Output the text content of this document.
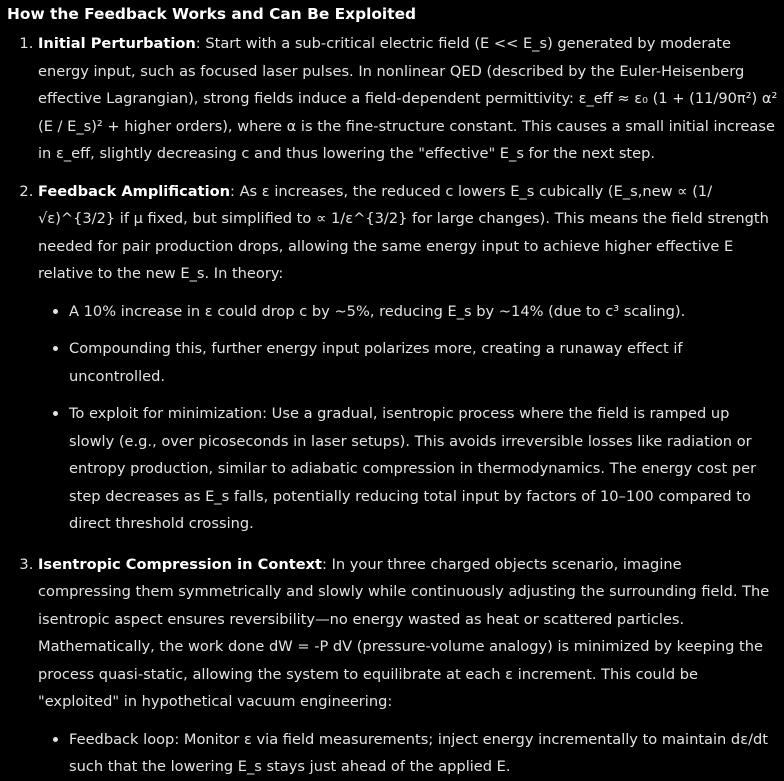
How the Feedback Works and Can Be Exploited
1. Initial Perturbation: Start with a sub-critical electric field (E << E_s) generated by moderate energy input, such as focused laser pulses. In nonlinear QED (described by the Euler-Heisenberg effective Lagrangian), strong fields induce a field-dependent permittivity: ε_eff ≈ ε₀ (1 + (11/90π²) α² (E / E_s)² + higher orders), where α is the fine-structure constant. This causes a small initial increase in ε_eff, slightly decreasing c and thus lowering the "effective" E_s for the next step.
2. Feedback Amplification: As ε increases, the reduced c lowers E_s cubically (E_s,new ∝ (1/√ε)^{3/2} if μ fixed, but simplified to ∝ 1/ε^{3/2} for large changes). This means the field strength needed for pair production drops, allowing the same energy input to achieve higher effective E relative to the new E_s. In theory:
A 10% increase in ε could drop c by ~5%, reducing E_s by ~14% (due to c³ scaling).
Compounding this, further energy input polarizes more, creating a runaway effect if uncontrolled.
To exploit for minimization: Use a gradual, isentropic process where the field is ramped up slowly (e.g., over picoseconds in laser setups). This avoids irreversible losses like radiation or entropy production, similar to adiabatic compression in thermodynamics. The energy cost per step decreases as E_s falls, potentially reducing total input by factors of 10–100 compared to direct threshold crossing.
3. Isentropic Compression in Context: In your three charged objects scenario, imagine compressing them symmetrically and slowly while continuously adjusting the surrounding field. The isentropic aspect ensures reversibility—no energy wasted as heat or scattered particles. Mathematically, the work done dW = -P dV (pressure-volume analogy) is minimized by keeping the process quasi-static, allowing the system to equilibrate at each ε increment. This could be "exploited" in hypothetical vacuum engineering:
Feedback loop: Monitor ε via field measurements; inject energy incrementally to maintain dε/dt such that the lowering E_s stays just ahead of the applied E.
